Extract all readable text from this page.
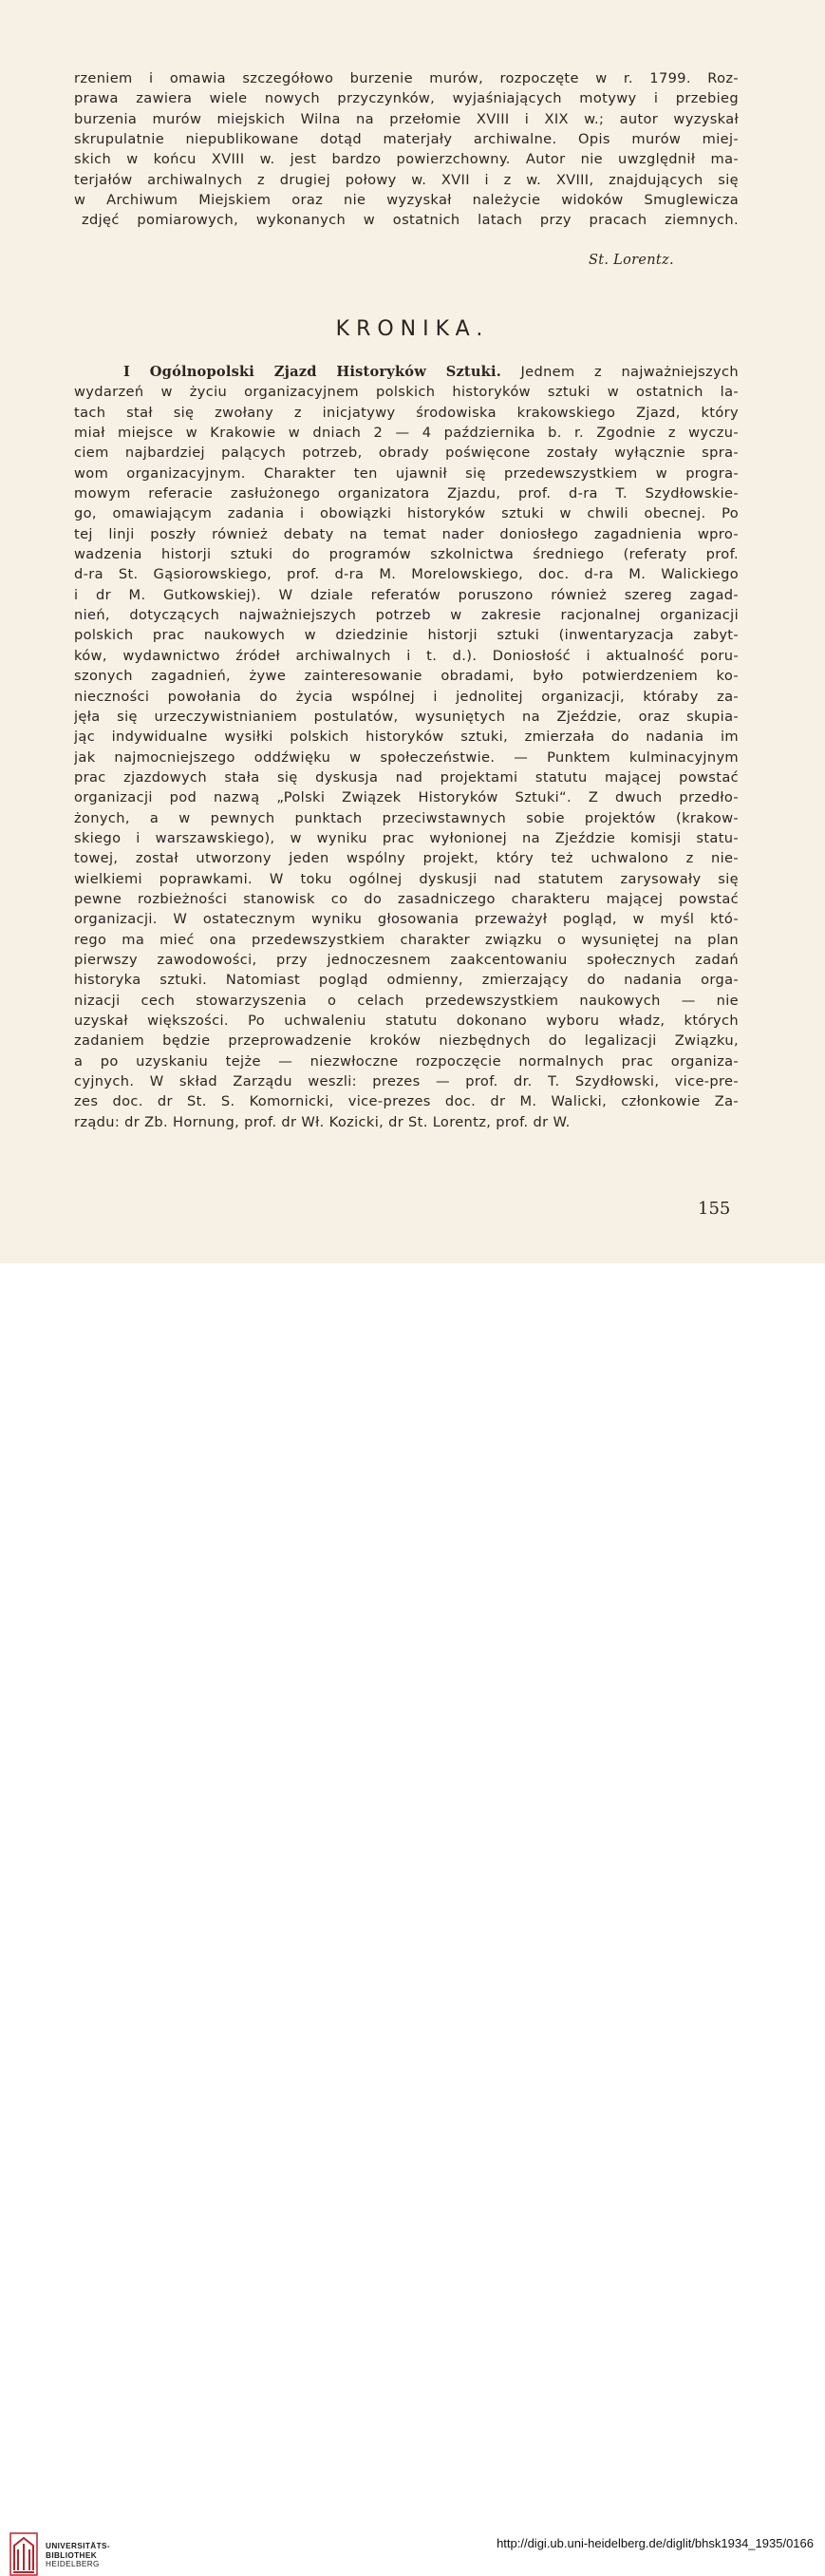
rzeniem i omawia szczegółowo burzenie murów, rozpoczęte w r. 1799. Roz-
prawa zawiera wiele nowych przyczynków, wyjaśniających motywy i przebieg
burzenia murów miejskich Wilna na przełomie XVIII i XIX w.; autor wyzyskał
skrupulatnie niepublikowane dotąd materjały archiwalne. Opis murów miej-
skich w końcu XVIII w. jest bardzo powierzchowny. Autor nie uwzględnił ma-
terjałów archiwalnych z drugiej połowy w. XVII i z w. XVIII, znajdujących się
w Archiwum Miejskiem oraz nie wyzyskał należycie widoków Smuglewicza
zdjęć pomiarowych, wykonanych w ostatnich latach przy pracach ziemnych.
St. Lorentz.
KRONIKA.
I Ogólnopolski Zjazd Historyków Sztuki. Jednem z najważniejszych
wydarzeń w życiu organizacyjnem polskich historyków sztuki w ostatnich la-
tach stał się zwołany z inicjatywy środowiska krakowskiego Zjazd, który
miał miejsce w Krakowie w dniach 2 — 4 października b. r. Zgodnie z wyczu-
ciem najbardziej palących potrzeb, obrady poświęcone zostały wyłącznie spra-
wom organizacyjnym. Charakter ten ujawnił się przedewszystkiem w progra-
mowym referacie zasłużonego organizatora Zjazdu, prof. d-ra T. Szydłowskie-
go, omawiającym zadania i obowiązki historyków sztuki w chwili obecnej. Po
tej linji poszły również debaty na temat nader doniosłego zagadnienia wpro-
wadzenia historji sztuki do programów szkolnictwa średniego (referaty prof.
d-ra St. Gąsiorowskiego, prof. d-ra M. Morelowskiego, doc. d-ra M. Walickiego
i dr M. Gutkowskiej). W dziale referatów poruszono również szereg zagad-
nień, dotyczących najważniejszych potrzeb w zakresie racjonalnej organizacji
polskich prac naukowych w dziedzinie historji sztuki (inwentaryzacja zabyt-
ków, wydawnictwo źródeł archiwalnych i t. d.). Doniosłość i aktualność poru-
szonych zagadnień, żywe zainteresowanie obradami, było potwierdzeniem ko-
nieczności powołania do życia wspólnej i jednolitej organizacji, któraby za-
jęła się urzeczywistnianiem postulatów, wysuniętych na Zjeździe, oraz skupia-
jąc indywidualne wysiłki polskich historyków sztuki, zmierzała do nadania im
jak najmocniejszego oddźwięku w społeczeństwie. — Punktem kulminacyjnym
prac zjazdowych stała się dyskusja nad projektami statutu mającej powstać
organizacji pod nazwą „Polski Związek Historyków Sztuki“. Z dwuch przedło-
żonych, a w pewnych punktach przeciwstawnych sobie projektów (krakow-
skiego i warszawskiego), w wyniku prac wyłonionej na Zjeździe komisji statu-
towej, został utworzony jeden wspólny projekt, który też uchwalono z nie-
wielkiemi poprawkami. W toku ogólnej dyskusji nad statutem zarysowały się
pewne rozbieżności stanowisk co do zasadniczego charakteru mającej powstać
organizacji. W ostatecznym wyniku głosowania przeważył pogląd, w myśl któ-
rego ma mieć ona przedewszystkiem charakter związku o wysuniętej na plan
pierwszy zawodowości, przy jednoczesnem zaakcentowaniu społecznych zadań
historyka sztuki. Natomiast pogląd odmienny, zmierzający do nadania orga-
nizacji cech stowarzyszenia o celach przedewszystkiem naukowych — nie
uzyskał większości. Po uchwaleniu statutu dokonano wyboru władz, których
zadaniem będzie przeprowadzenie kroków niezbędnych do legalizacji Związku,
a po uzyskaniu tejże — niezwłoczne rozpoczęcie normalnych prac organiza-
cyjnych. W skład Zarządu weszli: prezes — prof. dr. T. Szydłowski, vice-pre-
zes doc. dr St. S. Komornicki, vice-prezes doc. dr M. Walicki, członkowie Za-
rządu: dr Zb. Hornung, prof. dr Wł. Kozicki, dr St. Lorentz, prof. dr W.
155
UNIVERSITÄTS-
BIBLIOTHEK
HEIDELBERG
http://digi.ub.uni-heidelberg.de/diglit/bhsk1934_1935/0166
